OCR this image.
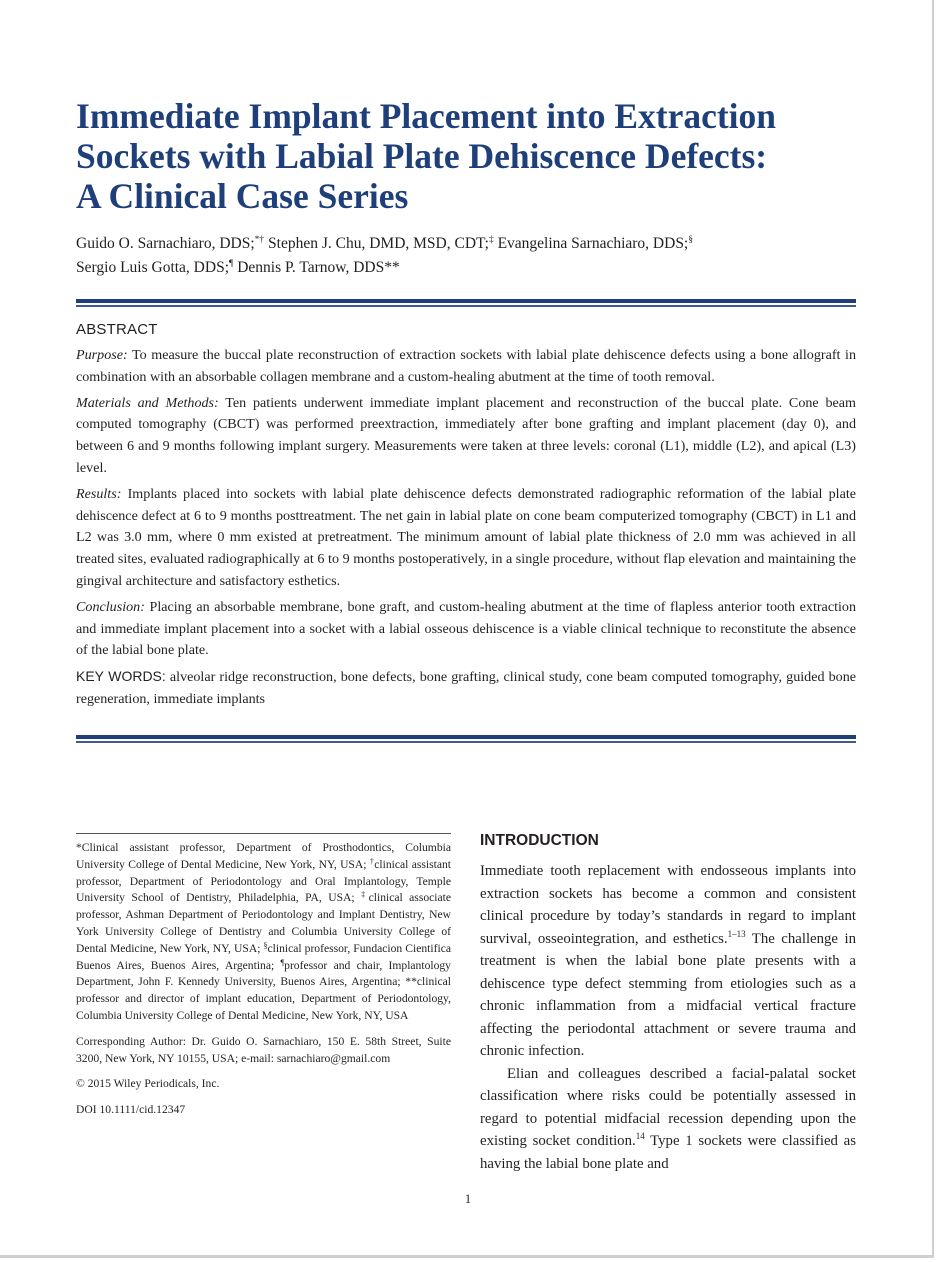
Immediate Implant Placement into Extraction
Sockets with Labial Plate Dehiscence Defects:
A Clinical Case Series
Guido O. Sarnachiaro, DDS;*† Stephen J. Chu, DMD, MSD, CDT;‡ Evangelina Sarnachiaro, DDS;§
Sergio Luis Gotta, DDS;¶ Dennis P. Tarnow, DDS**
ABSTRACT

Purpose: To measure the buccal plate reconstruction of extraction sockets with labial plate dehiscence defects using a bone allograft in combination with an absorbable collagen membrane and a custom-healing abutment at the time of tooth removal.

Materials and Methods: Ten patients underwent immediate implant placement and reconstruction of the buccal plate. Cone beam computed tomography (CBCT) was performed preextraction, immediately after bone grafting and implant placement (day 0), and between 6 and 9 months following implant surgery. Measurements were taken at three levels: coronal (L1), middle (L2), and apical (L3) level.

Results: Implants placed into sockets with labial plate dehiscence defects demonstrated radiographic reformation of the labial plate dehiscence defect at 6 to 9 months posttreatment. The net gain in labial plate on cone beam computerized tomography (CBCT) in L1 and L2 was 3.0 mm, where 0 mm existed at pretreatment. The minimum amount of labial plate thickness of 2.0 mm was achieved in all treated sites, evaluated radiographically at 6 to 9 months postoperatively, in a single procedure, without flap elevation and maintaining the gingival architecture and satisfactory esthetics.

Conclusion: Placing an absorbable membrane, bone graft, and custom-healing abutment at the time of flapless anterior tooth extraction and immediate implant placement into a socket with a labial osseous dehiscence is a viable clinical technique to reconstitute the absence of the labial bone plate.

KEY WORDS: alveolar ridge reconstruction, bone defects, bone grafting, clinical study, cone beam computed tomography, guided bone regeneration, immediate implants

*Clinical assistant professor, Department of Prosthodontics, Columbia University College of Dental Medicine, New York, NY, USA; †clinical assistant professor, Department of Periodontology and Oral Implantology, Temple University School of Dentistry, Philadelphia, PA, USA; ‡clinical associate professor, Ashman Department of Periodontology and Implant Dentistry, New York University College of Dentistry and Columbia University College of Dental Medicine, New York, NY, USA; §clinical professor, Fundacion Cientifica Buenos Aires, Buenos Aires, Argentina; ¶professor and chair, Implantology Department, John F. Kennedy University, Buenos Aires, Argentina; **clinical professor and director of implant education, Department of Periodontology, Columbia University College of Dental Medicine, New York, NY, USA

Corresponding Author: Dr. Guido O. Sarnachiaro, 150 E. 58th Street, Suite 3200, New York, NY 10155, USA; e-mail: sarnachiaro@gmail.com

© 2015 Wiley Periodicals, Inc.

DOI 10.1111/cid.12347

INTRODUCTION

Immediate tooth replacement with endosseous implants into extraction sockets has become a common and consistent clinical procedure by today’s standards in regard to implant survival, osseointegration, and esthetics.$^{1-13}$ The challenge in treatment is when the labial bone plate presents with a dehiscence type defect stemming from etiologies such as a chronic inflammation from a midfacial vertical fracture affecting the periodontal attachment or severe trauma and chronic infection.

Elian and colleagues described a facial-palatal socket classification where risks could be potentially assessed in regard to potential midfacial recession depending upon the existing socket condition.$^{14}$ Type 1 sockets were classified as having the labial bone plate and

1
